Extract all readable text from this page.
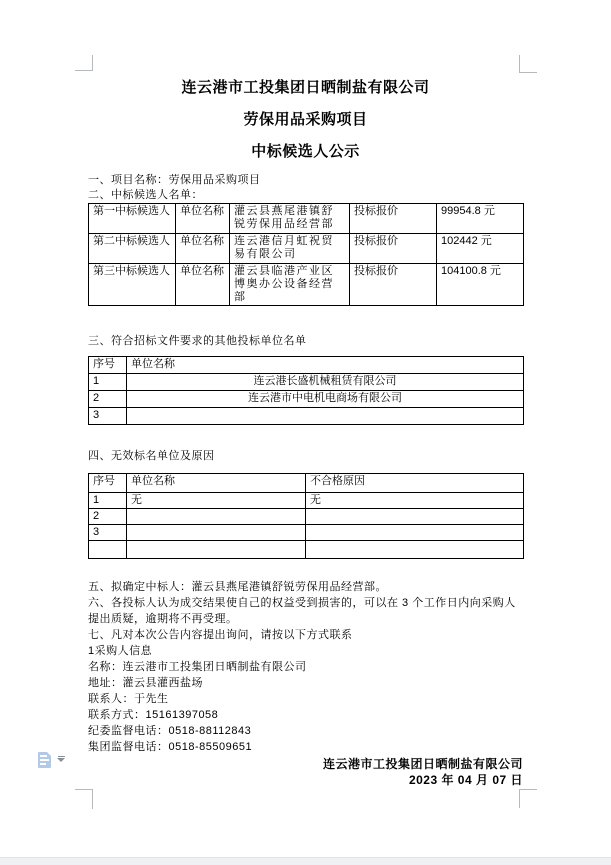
连云港市工投集团日晒制盐有限公司
劳保用品采购项目
中标候选人公示

一、项目名称：劳保用品采购项目

二、中标候选人名单：

第一中标候选人	单位名称	灌云县燕尾港镇舒锐劳保用品经营部	投标报价	99954.8 元
第二中标候选人	单位名称	连云港信月虹祝贸易有限公司	投标报价	102442 元
第三中标候选人	单位名称	灌云县临港产业区博奥办公设备经营部	投标报价	104100.8 元

三、符合招标文件要求的其他投标单位名单

序号	单位名称
1	连云港长盛机械租赁有限公司
2	连云港市中电机电商场有限公司
3	

四、无效标名单位及原因

序号	单位名称	不合格原因
1	无	无
2		
3		

五、拟确定中标人：灌云县燕尾港镇舒锐劳保用品经营部。

六、各投标人认为成交结果使自己的权益受到损害的，可以在 3 个工作日内向采购人提出质疑，逾期将不再受理。

七、凡对本次公告内容提出询问，请按以下方式联系

1采购人信息

名称：连云港市工投集团日晒制盐有限公司

地址：灌云县灌西盐场

联系人：于先生

联系方式：15161397058

纪委监督电话：0518-88112843

集团监督电话：0518-85509651

连云港市工投集团日晒制盐有限公司
2023 年 04 月 07 日
